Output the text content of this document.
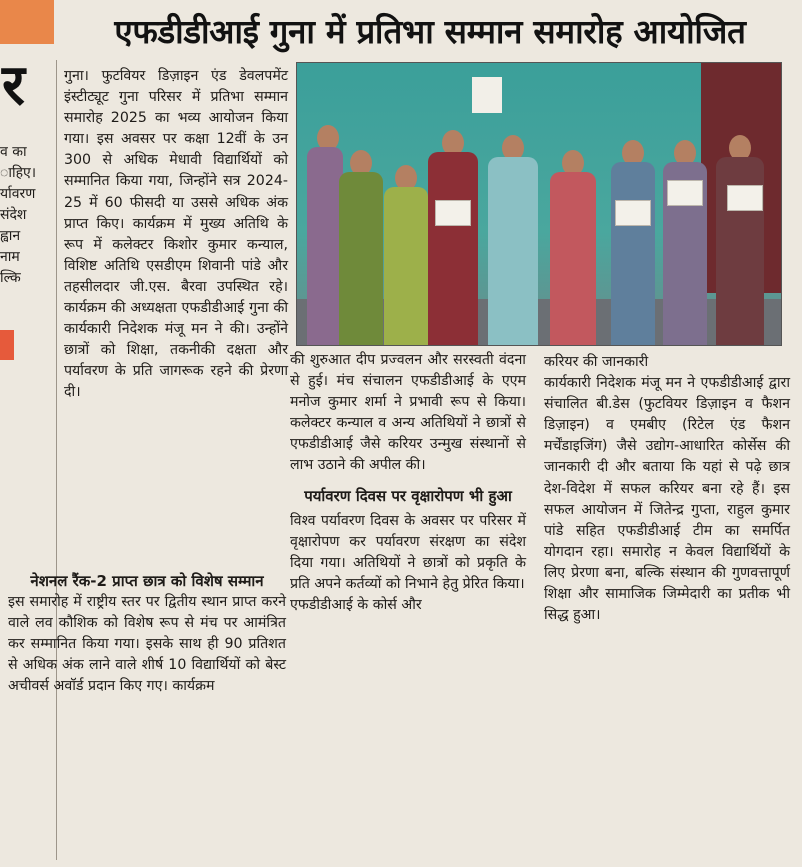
र
व का
ाहिए।
र्यावरण
संदेश
ह्वान
नाम
ल्कि
एफडीडीआई गुना में प्रतिभा सम्मान समारोह आयोजित

गुना। फुटवियर डिज़ाइन एंड डेवलपमेंट इंस्टीट्यूट गुना परिसर में प्रतिभा सम्मान समारोह 2025 का भव्य आयोजन किया गया। इस अवसर पर कक्षा 12वीं के उन 300 से अधिक मेधावी विद्यार्थियों को सम्मानित किया गया, जिन्होंने सत्र 2024-25 में 60 फीसदी या उससे अधिक अंक प्राप्त किए। कार्यक्रम में मुख्य अतिथि के रूप में कलेक्टर किशोर कुमार कन्याल, विशिष्ट अतिथि एसडीएम शिवानी पांडे और तहसीलदार जी.एस. बैरवा उपस्थित रहे। कार्यक्रम की अध्यक्षता एफडीडीआई गुना की कार्यकारी निदेशक मंजू मन ने की। उन्होंने छात्रों को शिक्षा, तकनीकी दक्षता और पर्यावरण के प्रति जागरूक रहने की प्रेरणा दी।

नेशनल रैंक-2 प्राप्त छात्र को विशेष सम्मान

इस समारोह में राष्ट्रीय स्तर पर द्वितीय स्थान प्राप्त करने वाले लव कौशिक को विशेष रूप से मंच पर आमंत्रित कर सम्मानित किया गया। इसके साथ ही 90 प्रतिशत से अधिक अंक लाने वाले शीर्ष 10 विद्यार्थियों को बेस्ट अचीवर्स अवॉर्ड प्रदान किए गए। कार्यक्रम

की शुरुआत दीप प्रज्वलन और सरस्वती वंदना से हुई। मंच संचालन एफडीडीआई के एएम मनोज कुमार शर्मा ने प्रभावी रूप से किया। कलेक्टर कन्याल व अन्य अतिथियों ने छात्रों से एफडीडीआई जैसे करियर उन्मुख संस्थानों से लाभ उठाने की अपील की।

पर्यावरण दिवस पर वृक्षारोपण भी हुआ

विश्व पर्यावरण दिवस के अवसर पर परिसर में वृक्षारोपण कर पर्यावरण संरक्षण का संदेश दिया गया। अतिथियों ने छात्रों को प्रकृति के प्रति अपने कर्तव्यों को निभाने हेतु प्रेरित किया।

एफडीडीआई के कोर्स और

करियर की जानकारी

कार्यकारी निदेशक मंजू मन ने एफडीडीआई द्वारा संचालित बी.डेस (फुटवियर डिज़ाइन व फैशन डिज़ाइन) व एमबीए (रिटेल एंड फैशन मर्चेंडाइजिंग) जैसे उद्योग-आधारित कोर्सेस की जानकारी दी और बताया कि यहां से पढ़े छात्र देश-विदेश में सफल करियर बना रहे हैं। इस सफल आयोजन में जितेन्द्र गुप्ता, राहुल कुमार पांडे सहित एफडीडीआई टीम का समर्पित योगदान रहा। समारोह न केवल विद्यार्थियों के लिए प्रेरणा बना, बल्कि संस्थान की गुणवत्तापूर्ण शिक्षा और सामाजिक जिम्मेदारी का प्रतीक भी सिद्ध हुआ।
